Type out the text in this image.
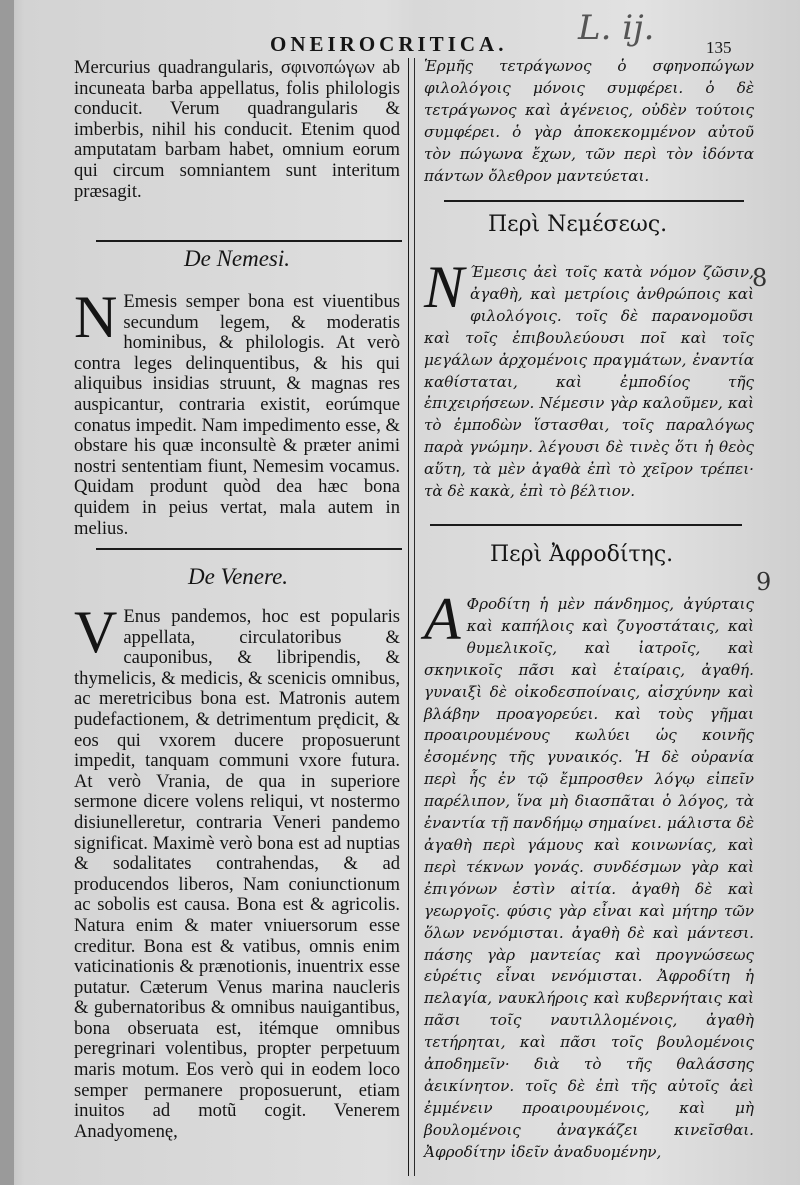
L. ij.
ONEIROCRITICA.	135

Mercurius quadrangularis, σφινοπώγων ab incuneata barba appellatus, folis philologis conducit. Verum quadrangularis & imberbis, nihil his conducit. Etenim quod amputatam barbam habet, omnium eorum qui circum somniantem sunt interitum præsagit.

De Nemesi.
N Emesis semper bona est viuentibus secundum legem, & moderatis hominibus, & philologis. At verò contra leges delinquentibus, & his qui aliquibus insidias struunt, & magnas res auspicantur, contraria existit, eorúmque conatus impedit. Nam impedimento esse, & obstare his quæ inconsultè & præter animi nostri sententiam fiunt, Nemesim vocamus. Quidam produnt quòd dea hæc bona quidem in peius vertat, mala autem in melius.

De Venere.
V Enus pandemos, hoc est popularis appellata, circulatoribus & cauponibus, & libripendis, & thymelicis, & medicis, & scenicis omnibus, ac meretricibus bona est. Matronis autem pudefactionem, & detrimentum prędicit, & eos qui vxorem ducere proposuerunt impedit, tanquam communi vxore futura. At verò Vrania, de qua in superiore sermone dicere volens reliqui, vt nostermo disiunelleretur, contraria Veneri pandemo significat. Maximè verò bona est ad nuptias & sodalitates contrahendas, & ad producendos liberos, Nam coniunctionum ac sobolis est causa. Bona est & agricolis. Natura enim & mater vniuersorum esse creditur. Bona est & vatibus, omnis enim vaticinationis & prænotionis, inuentrix esse putatur. Cæterum Venus marina naucleris & gubernatoribus & omnibus nauigantibus, bona obseruata est, itémque omnibus peregrinari volentibus, propter perpetuum maris motum. Eos verò qui in eodem loco semper permanere proposuerunt, etiam inuitos ad motũ cogit. Venerem Anadyomenę,

Ἑρμῆς τετράγωνος ὁ σφηνοπώγων φιλολόγοις μόνοις συμφέρει. ὁ δὲ τετράγωνος καὶ ἀγένειος, οὐδὲν τούτοις συμφέρει. ὁ γὰρ ἀποκεκομμένον αὐτοῦ τὸν πώγωνα ἔχων, τῶν περὶ τὸν ἰδόντα πάντων ὄλεθρον μαντεύεται.

Περὶ Νεμέσεως.
Ν Έμεσις ἀεὶ τοῖς κατὰ νόμον ζῶσιν, ἀγαθὴ, καὶ μετρίοις ἀνθρώποις καὶ φιλολόγοις. τοῖς δὲ παρανομοῦσι καὶ τοῖς ἐπιβουλεύουσι ποῖ καὶ τοῖς μεγάλων ἀρχομένοις πραγμάτων, ἐναντία καθίσταται, καὶ ἐμποδίος τῆς ἐπιχειρήσεων. Νέμεσιν γὰρ καλοῦμεν, καὶ τὸ ἐμποδὼν ἵστασθαι, τοῖς παραλόγως παρὰ γνώμην. λέγουσι δὲ τινὲς ὅτι ἡ θεὸς αὕτη, τὰ μὲν ἀγαθὰ ἐπὶ τὸ χεῖρον τρέπει· τὰ δὲ κακὰ, ἐπὶ τὸ βέλτιον.

Περὶ Ἀφροδίτης.
Α Φροδίτη ἡ μὲν πάνδημος, ἀγύρταις καὶ καπήλοις καὶ ζυγοστάταις, καὶ θυμελικοῖς, καὶ ἰατροῖς, καὶ σκηνικοῖς πᾶσι καὶ ἑταίραις, ἀγαθή. γυναιξὶ δὲ οἰκοδεσποίναις, αἰσχύνην καὶ βλάβην προαγορεύει. καὶ τοὺς γῆμαι προαιρουμένους κωλύει ὡς κοινῆς ἐσομένης τῆς γυναικός. Ἡ δὲ οὐρανία περὶ ἧς ἐν τῷ ἔμπροσθεν λόγῳ εἰπεῖν παρέλιπον, ἵνα μὴ διασπᾶται ὁ λόγος, τὰ ἐναντία τῇ πανδήμῳ σημαίνει. μάλιστα δὲ ἀγαθὴ περὶ γάμους καὶ κοινωνίας, καὶ περὶ τέκνων γονάς. συνδέσμων γὰρ καὶ ἐπιγόνων ἐστὶν αἰτία. ἀγαθὴ δὲ καὶ γεωργοῖς. φύσις γὰρ εἶναι καὶ μήτηρ τῶν ὅλων νενόμισται. ἀγαθὴ δὲ καὶ μάντεσι. πάσης γὰρ μαντείας καὶ προγνώσεως εὑρέτις εἶναι νενόμισται. Ἀφροδίτη ἡ πελαγία, ναυκλήροις καὶ κυβερνήταις καὶ πᾶσι τοῖς ναυτιλλομένοις, ἀγαθὴ τετήρηται, καὶ πᾶσι τοῖς βουλομένοις ἀποδημεῖν· διὰ τὸ τῆς θαλάσσης ἀεικίνητον. τοῖς δὲ ἐπὶ τῆς αὐτοῖς ἀεὶ ἐμμένειν προαιρουμένοις, καὶ μὴ βουλομένοις ἀναγκάζει κινεῖσθαι. Ἀφροδίτην ἰδεῖν ἀναδυομένην,

8
9
